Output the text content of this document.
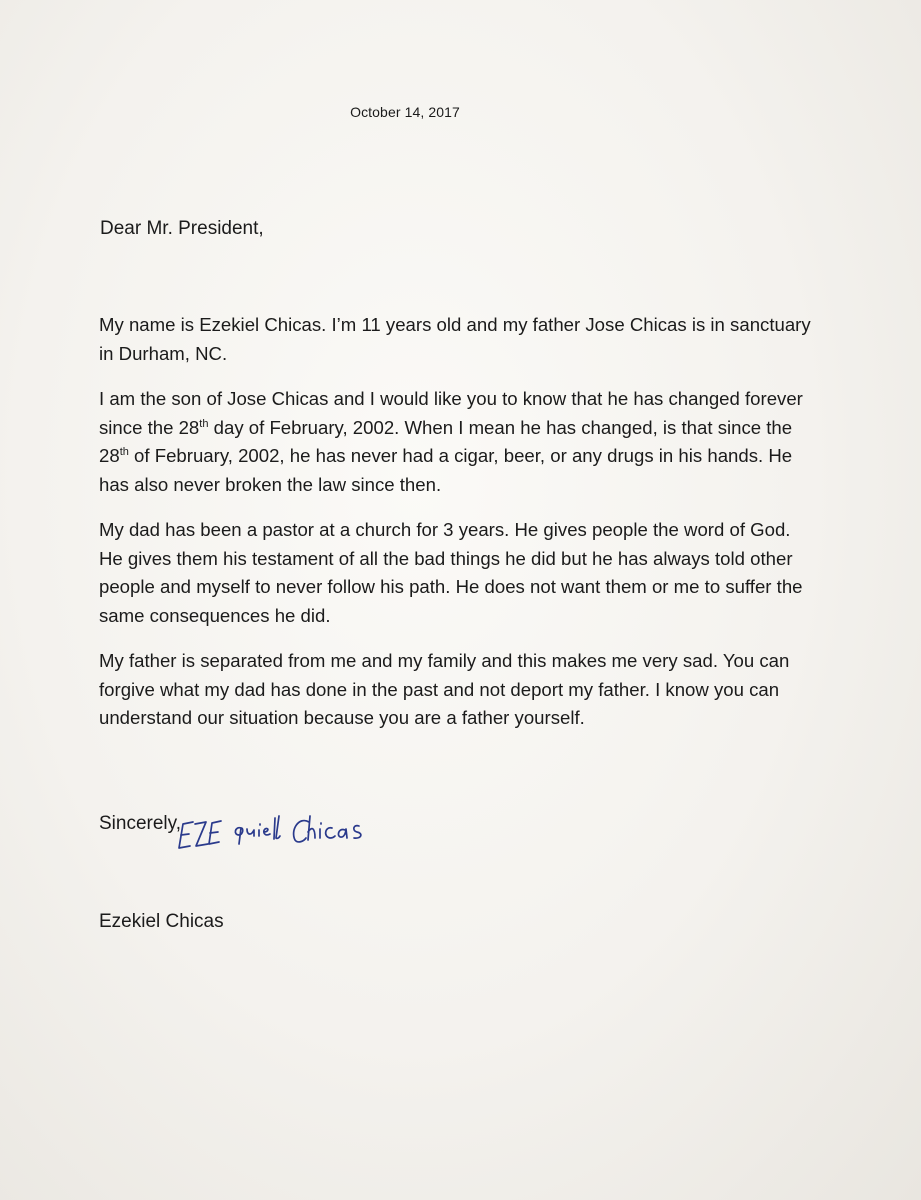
October 14, 2017
Dear Mr. President,

My name is Ezekiel Chicas. I’m 11 years old and my father Jose Chicas is in sanctuary in Durham, NC.

I am the son of Jose Chicas and I would like you to know that he has changed forever since the 28th day of February, 2002. When I mean he has changed, is that since the 28th of February, 2002, he has never had a cigar, beer, or any drugs in his hands. He has also never broken the law since then.

My dad has been a pastor at a church for 3 years. He gives people the word of God. He gives them his testament of all the bad things he did but he has always told other people and myself to never follow his path. He does not want them or me to suffer the same consequences he did.

My father is separated from me and my family and this makes me very sad. You can forgive what my dad has done in the past and not deport my father. I know you can understand our situation because you are a father yourself.

Sincerely,
Ezekiel Chicas
